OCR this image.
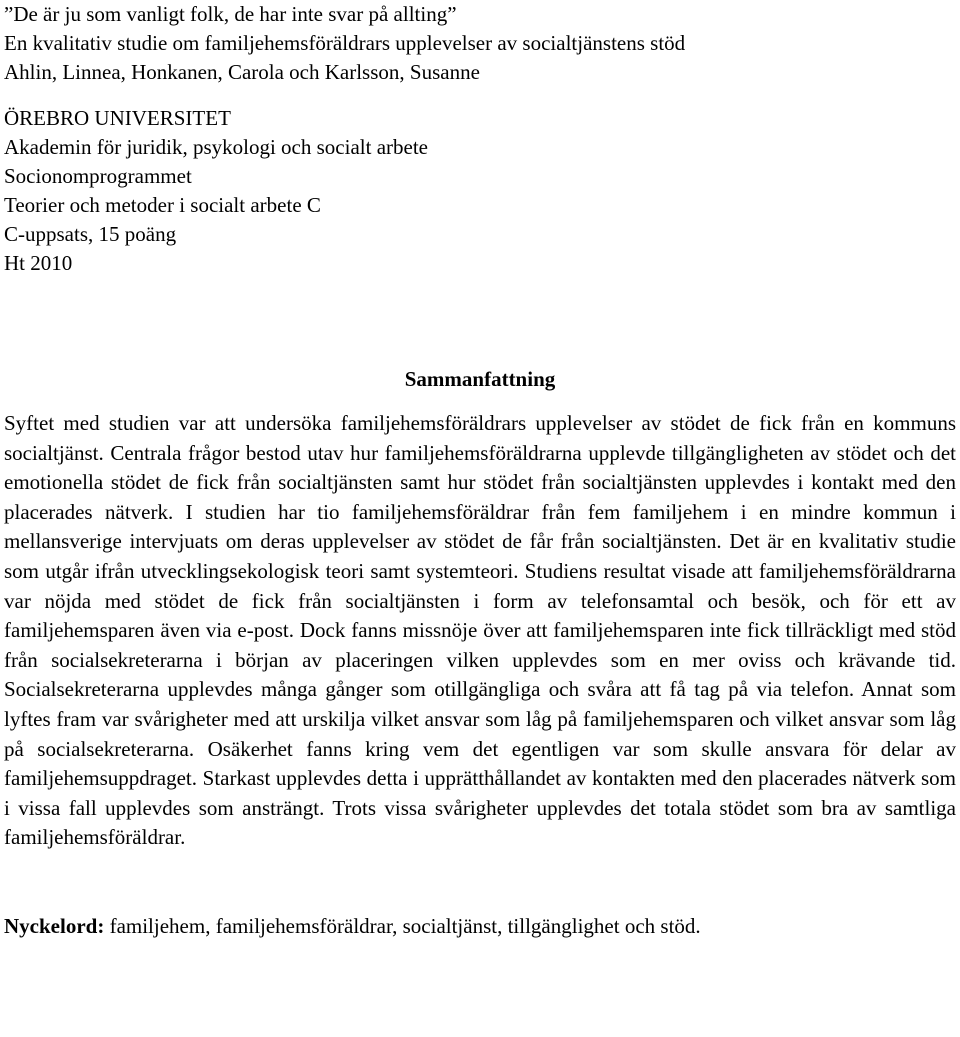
”De är ju som vanligt folk, de har inte svar på allting”
En kvalitativ studie om familjehemsföräldrars upplevelser av socialtjänstens stöd
Ahlin, Linnea, Honkanen, Carola och Karlsson, Susanne
ÖREBRO UNIVERSITET
Akademin för juridik, psykologi och socialt arbete
Socionomprogrammet
Teorier och metoder i socialt arbete C
C-uppsats, 15 poäng
Ht 2010
Sammanfattning

Syftet med studien var att undersöka familjehemsföräldrars upplevelser av stödet de fick från en kommuns socialtjänst. Centrala frågor bestod utav hur familjehemsföräldrarna upplevde tillgängligheten av stödet och det emotionella stödet de fick från socialtjänsten samt hur stödet från socialtjänsten upplevdes i kontakt med den placerades nätverk. I studien har tio familjehemsföräldrar från fem familjehem i en mindre kommun i mellansverige intervjuats om deras upplevelser av stödet de får från socialtjänsten. Det är en kvalitativ studie som utgår ifrån utvecklingsekologisk teori samt systemteori. Studiens resultat visade att familjehemsföräldrarna var nöjda med stödet de fick från socialtjänsten i form av telefonsamtal och besök, och för ett av familjehemsparen även via e-post. Dock fanns missnöje över att familjehemsparen inte fick tillräckligt med stöd från socialsekreterarna i början av placeringen vilken upplevdes som en mer oviss och krävande tid. Socialsekreterarna upplevdes många gånger som otillgängliga och svåra att få tag på via telefon. Annat som lyftes fram var svårigheter med att urskilja vilket ansvar som låg på familjehemsparen och vilket ansvar som låg på socialsekreterarna. Osäkerhet fanns kring vem det egentligen var som skulle ansvara för delar av familjehemsuppdraget. Starkast upplevdes detta i upprätthållandet av kontakten med den placerades nätverk som i vissa fall upplevdes som ansträngt. Trots vissa svårigheter upplevdes det totala stödet som bra av samtliga familjehemsföräldrar.

Nyckelord: familjehem, familjehemsföräldrar, socialtjänst, tillgänglighet och stöd.
